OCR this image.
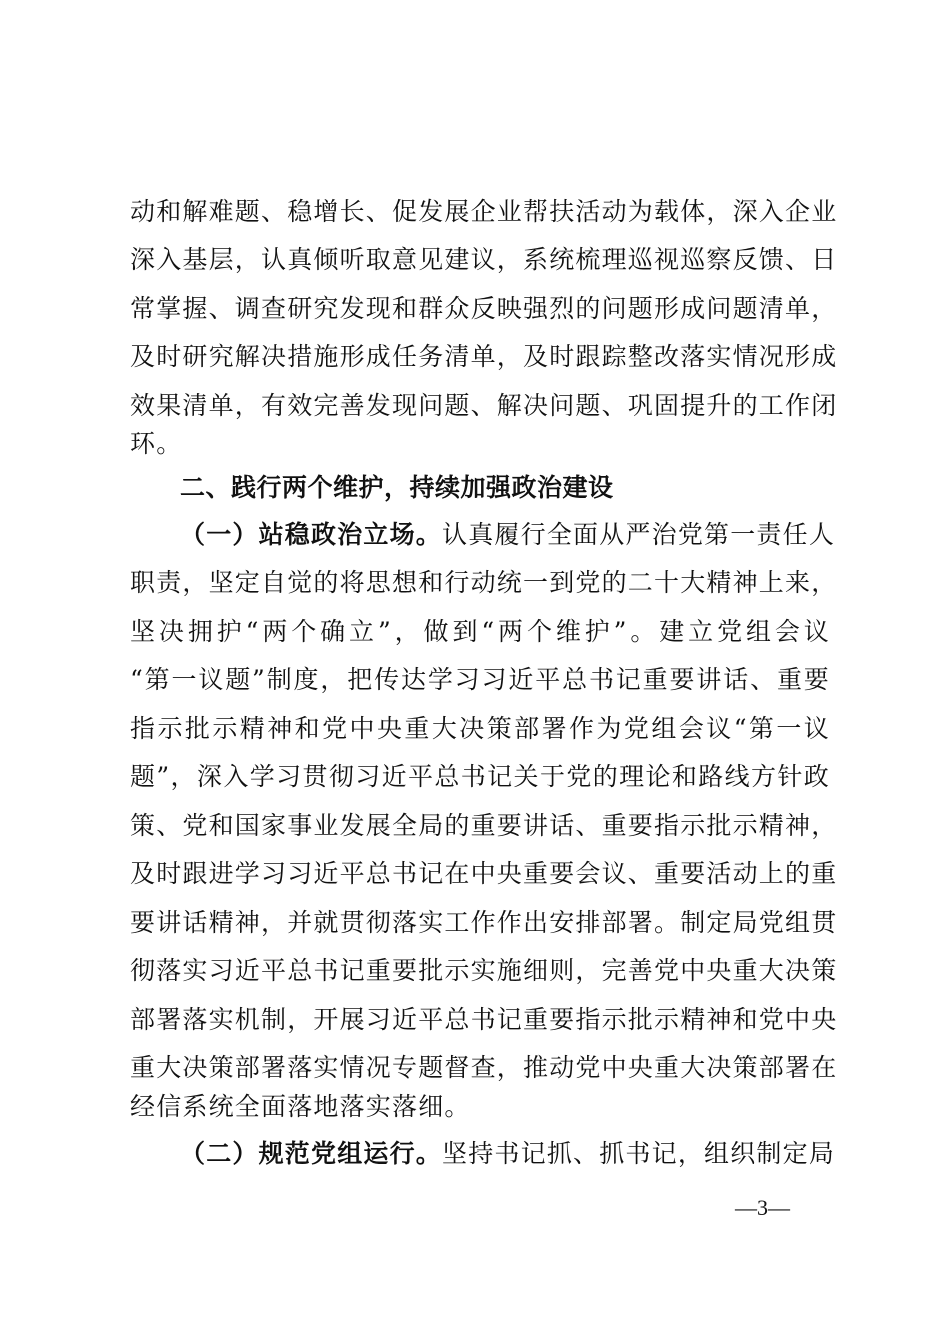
动和解难题、稳增长、促发展企业帮扶活动为载体，深入企业
深入基层，认真倾听取意见建议，系统梳理巡视巡察反馈、日
常掌握、调查研究发现和群众反映强烈的问题形成问题清单，
及时研究解决措施形成任务清单，及时跟踪整改落实情况形成
效果清单，有效完善发现问题、解决问题、巩固提升的工作闭
环。
二、践行两个维护，持续加强政治建设
（一）站稳政治立场。认真履行全面从严治党第一责任人
职责，坚定自觉的将思想和行动统一到党的二十大精神上来，
坚决拥护“两个确立”，做到“两个维护”。建立党组会议
“第一议题”制度，把传达学习习近平总书记重要讲话、重要
指示批示精神和党中央重大决策部署作为党组会议“第一议
题”，深入学习贯彻习近平总书记关于党的理论和路线方针政
策、党和国家事业发展全局的重要讲话、重要指示批示精神，
及时跟进学习习近平总书记在中央重要会议、重要活动上的重
要讲话精神，并就贯彻落实工作作出安排部署。制定局党组贯
彻落实习近平总书记重要批示实施细则，完善党中央重大决策
部署落实机制，开展习近平总书记重要指示批示精神和党中央
重大决策部署落实情况专题督查，推动党中央重大决策部署在
经信系统全面落地落实落细。
（二）规范党组运行。坚持书记抓、抓书记，组织制定局
—3—
